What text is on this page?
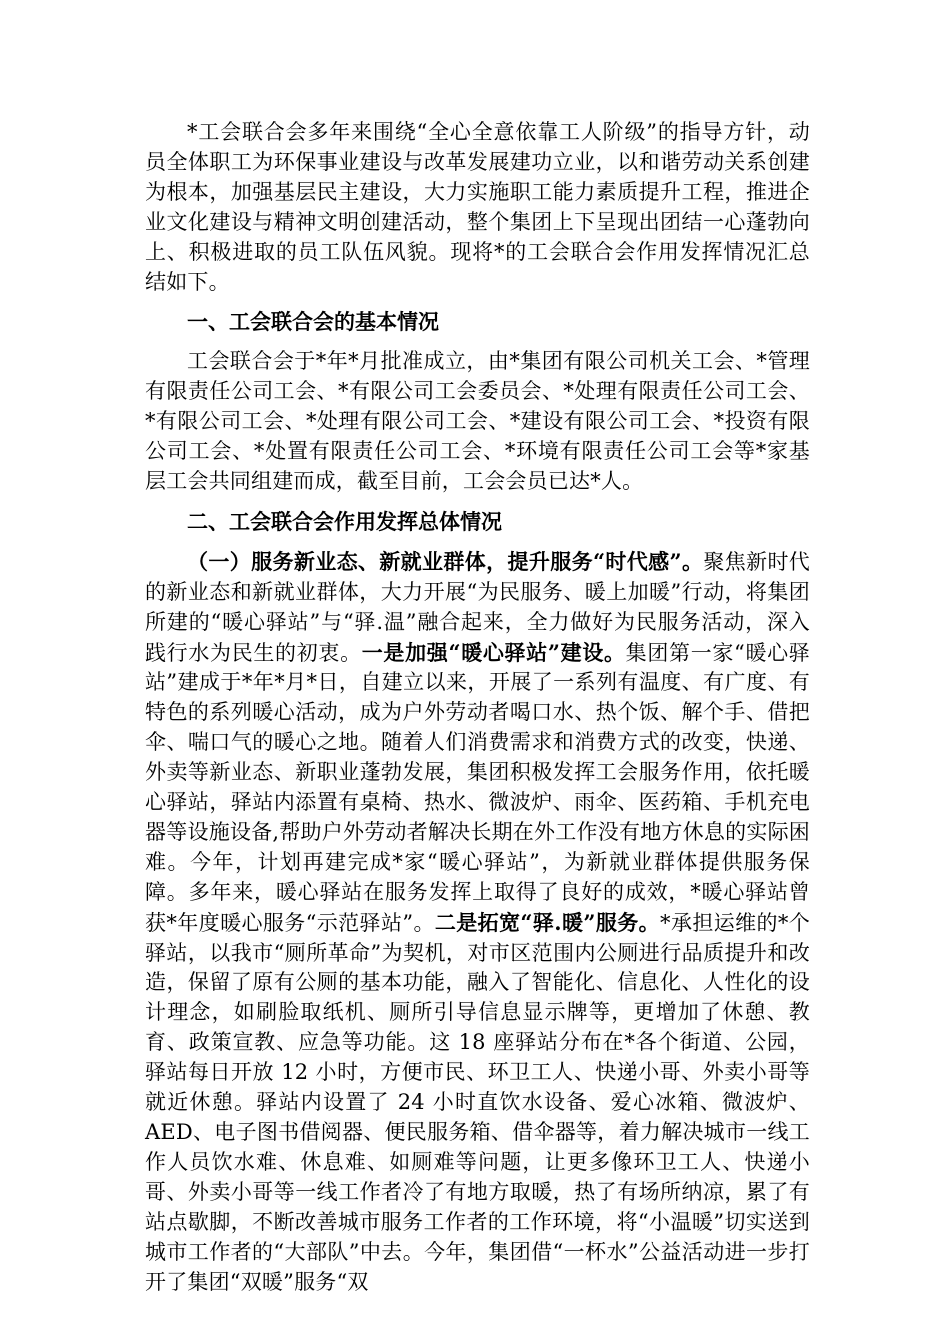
*工会联合会多年来围绕“全心全意依靠工人阶级”的指导方针，动员全体职工为环保事业建设与改革发展建功立业，以和谐劳动关系创建为根本，加强基层民主建设，大力实施职工能力素质提升工程，推进企业文化建设与精神文明创建活动，整个集团上下呈现出团结一心蓬勃向上、积极进取的员工队伍风貌。现将*的工会联合会作用发挥情况汇总结如下。

一、工会联合会的基本情况

工会联合会于*年*月批准成立，由*集团有限公司机关工会、*管理有限责任公司工会、*有限公司工会委员会、*处理有限责任公司工会、*有限公司工会、*处理有限公司工会、*建设有限公司工会、*投资有限公司工会、*处置有限责任公司工会、*环境有限责任公司工会等*家基层工会共同组建而成，截至目前，工会会员已达*人。

二、工会联合会作用发挥总体情况

（一）服务新业态、新就业群体，提升服务“时代感”。聚焦新时代的新业态和新就业群体，大力开展“为民服务、暖上加暖”行动，将集团所建的“暖心驿站”与“驿.温”融合起来，全力做好为民服务活动，深入践行水为民生的初衷。一是加强“暖心驿站”建设。集团第一家“暖心驿站”建成于*年*月*日，自建立以来，开展了一系列有温度、有广度、有特色的系列暖心活动，成为户外劳动者喝口水、热个饭、解个手、借把伞、喘口气的暖心之地。随着人们消费需求和消费方式的改变，快递、外卖等新业态、新职业蓬勃发展，集团积极发挥工会服务作用，依托暖心驿站，驿站内添置有桌椅、热水、微波炉、雨伞、医药箱、手机充电器等设施设备,帮助户外劳动者解决长期在外工作没有地方休息的实际困难。今年，计划再建完成*家“暖心驿站”，为新就业群体提供服务保障。多年来，暖心驿站在服务发挥上取得了良好的成效，*暖心驿站曾获*年度暖心服务“示范驿站”。二是拓宽“驿.暖”服务。*承担运维的*个驿站，以我市“厕所革命”为契机，对市区范围内公厕进行品质提升和改造，保留了原有公厕的基本功能，融入了智能化、信息化、人性化的设计理念，如刷脸取纸机、厕所引导信息显示牌等，更增加了休憩、教育、政策宣教、应急等功能。这 18 座驿站分布在*各个街道、公园，驿站每日开放 12 小时，方便市民、环卫工人、快递小哥、外卖小哥等就近休憩。驿站内设置了 24 小时直饮水设备、爱心冰箱、微波炉、AED、电子图书借阅器、便民服务箱、借伞器等，着力解决城市一线工作人员饮水难、休息难、如厕难等问题，让更多像环卫工人、快递小哥、外卖小哥等一线工作者冷了有地方取暖，热了有场所纳凉，累了有站点歇脚，不断改善城市服务工作者的工作环境，将“小温暖”切实送到城市工作者的“大部队”中去。今年，集团借“一杯水”公益活动进一步打开了集团“双暖”服务“双
